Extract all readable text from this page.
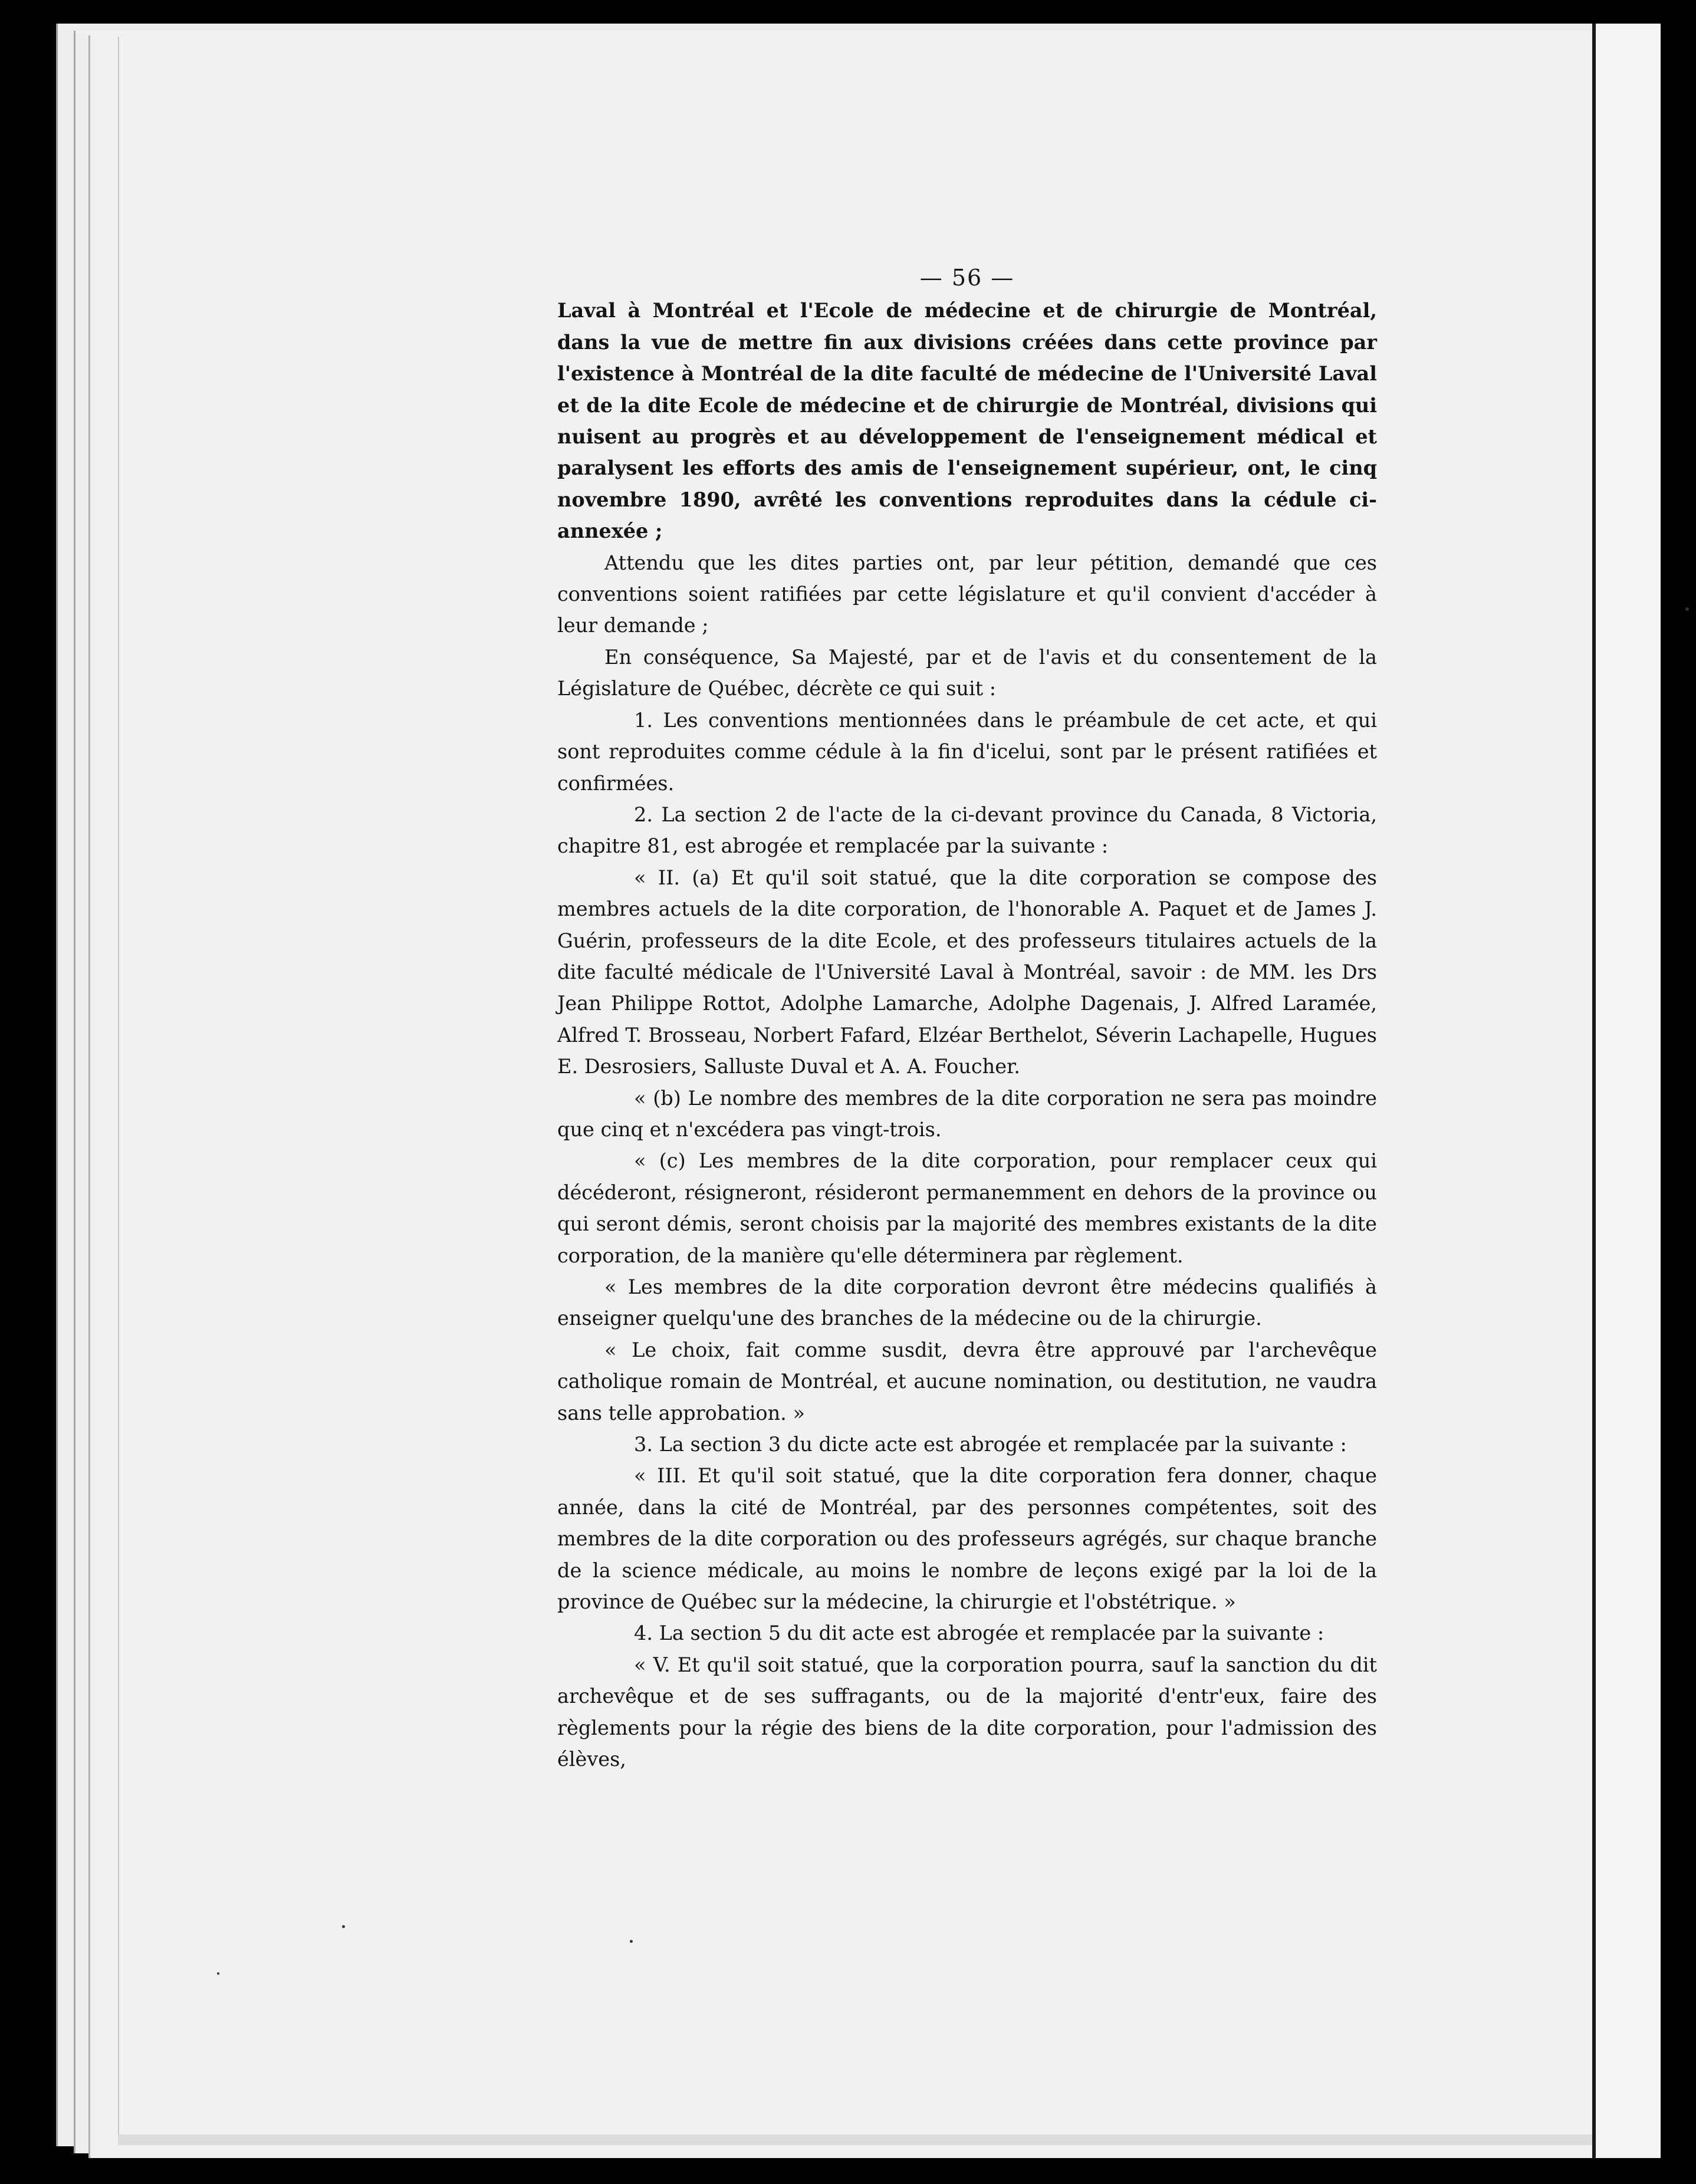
— 56 —

Laval à Montréal et l'Ecole de médecine et de chirurgie de Montréal, dans la vue de mettre fin aux divisions créées dans cette province par l'existence à Montréal de la dite faculté de médecine de l'Université Laval et de la dite Ecole de médecine et de chirurgie de Montréal, divisions qui nuisent au progrès et au développement de l'enseignement médical et paralysent les efforts des amis de l'enseignement supérieur, ont, le cinq novembre 1890, avrêté les conventions reproduites dans la cédule ci-annexée ;

Attendu que les dites parties ont, par leur pétition, demandé que ces conventions soient ratifiées par cette législature et qu'il convient d'accéder à leur demande ;

En conséquence, Sa Majesté, par et de l'avis et du consentement de la Législature de Québec, décrète ce qui suit :

1. Les conventions mentionnées dans le préambule de cet acte, et qui sont reproduites comme cédule à la fin d'icelui, sont par le présent ratifiées et confirmées.

2. La section 2 de l'acte de la ci-devant province du Canada, 8 Victoria, chapitre 81, est abrogée et remplacée par la suivante :

« II. (a) Et qu'il soit statué, que la dite corporation se compose des membres actuels de la dite corporation, de l'honorable A. Paquet et de James J. Guérin, professeurs de la dite Ecole, et des professeurs titulaires actuels de la dite faculté médicale de l'Université Laval à Montréal, savoir : de MM. les Drs Jean Philippe Rottot, Adolphe Lamarche, Adolphe Dagenais, J. Alfred Laramée, Alfred T. Brosseau, Norbert Fafard, Elzéar Berthelot, Séverin Lachapelle, Hugues E. Desrosiers, Salluste Duval et A. A. Foucher.

« (b) Le nombre des membres de la dite corporation ne sera pas moindre que cinq et n'excédera pas vingt-trois.

« (c) Les membres de la dite corporation, pour remplacer ceux qui décéderont, résigneront, résideront permanemment en dehors de la province ou qui seront démis, seront choisis par la majorité des membres existants de la dite corporation, de la manière qu'elle déterminera par règlement.

« Les membres de la dite corporation devront être médecins qualifiés à enseigner quelqu'une des branches de la médecine ou de la chirurgie.

« Le choix, fait comme susdit, devra être approuvé par l'archevêque catholique romain de Montréal, et aucune nomination, ou destitution, ne vaudra sans telle approbation. »

3. La section 3 du dicte acte est abrogée et remplacée par la suivante :

« III. Et qu'il soit statué, que la dite corporation fera donner, chaque année, dans la cité de Montréal, par des personnes compétentes, soit des membres de la dite corporation ou des professeurs agrégés, sur chaque branche de la science médicale, au moins le nombre de leçons exigé par la loi de la province de Québec sur la médecine, la chirurgie et l'obstétrique. »

4. La section 5 du dit acte est abrogée et remplacée par la suivante :

« V. Et qu'il soit statué, que la corporation pourra, sauf la sanction du dit archevêque et de ses suffragants, ou de la majorité d'entr'eux, faire des règlements pour la régie des biens de la dite corporation, pour l'admission des élèves,
